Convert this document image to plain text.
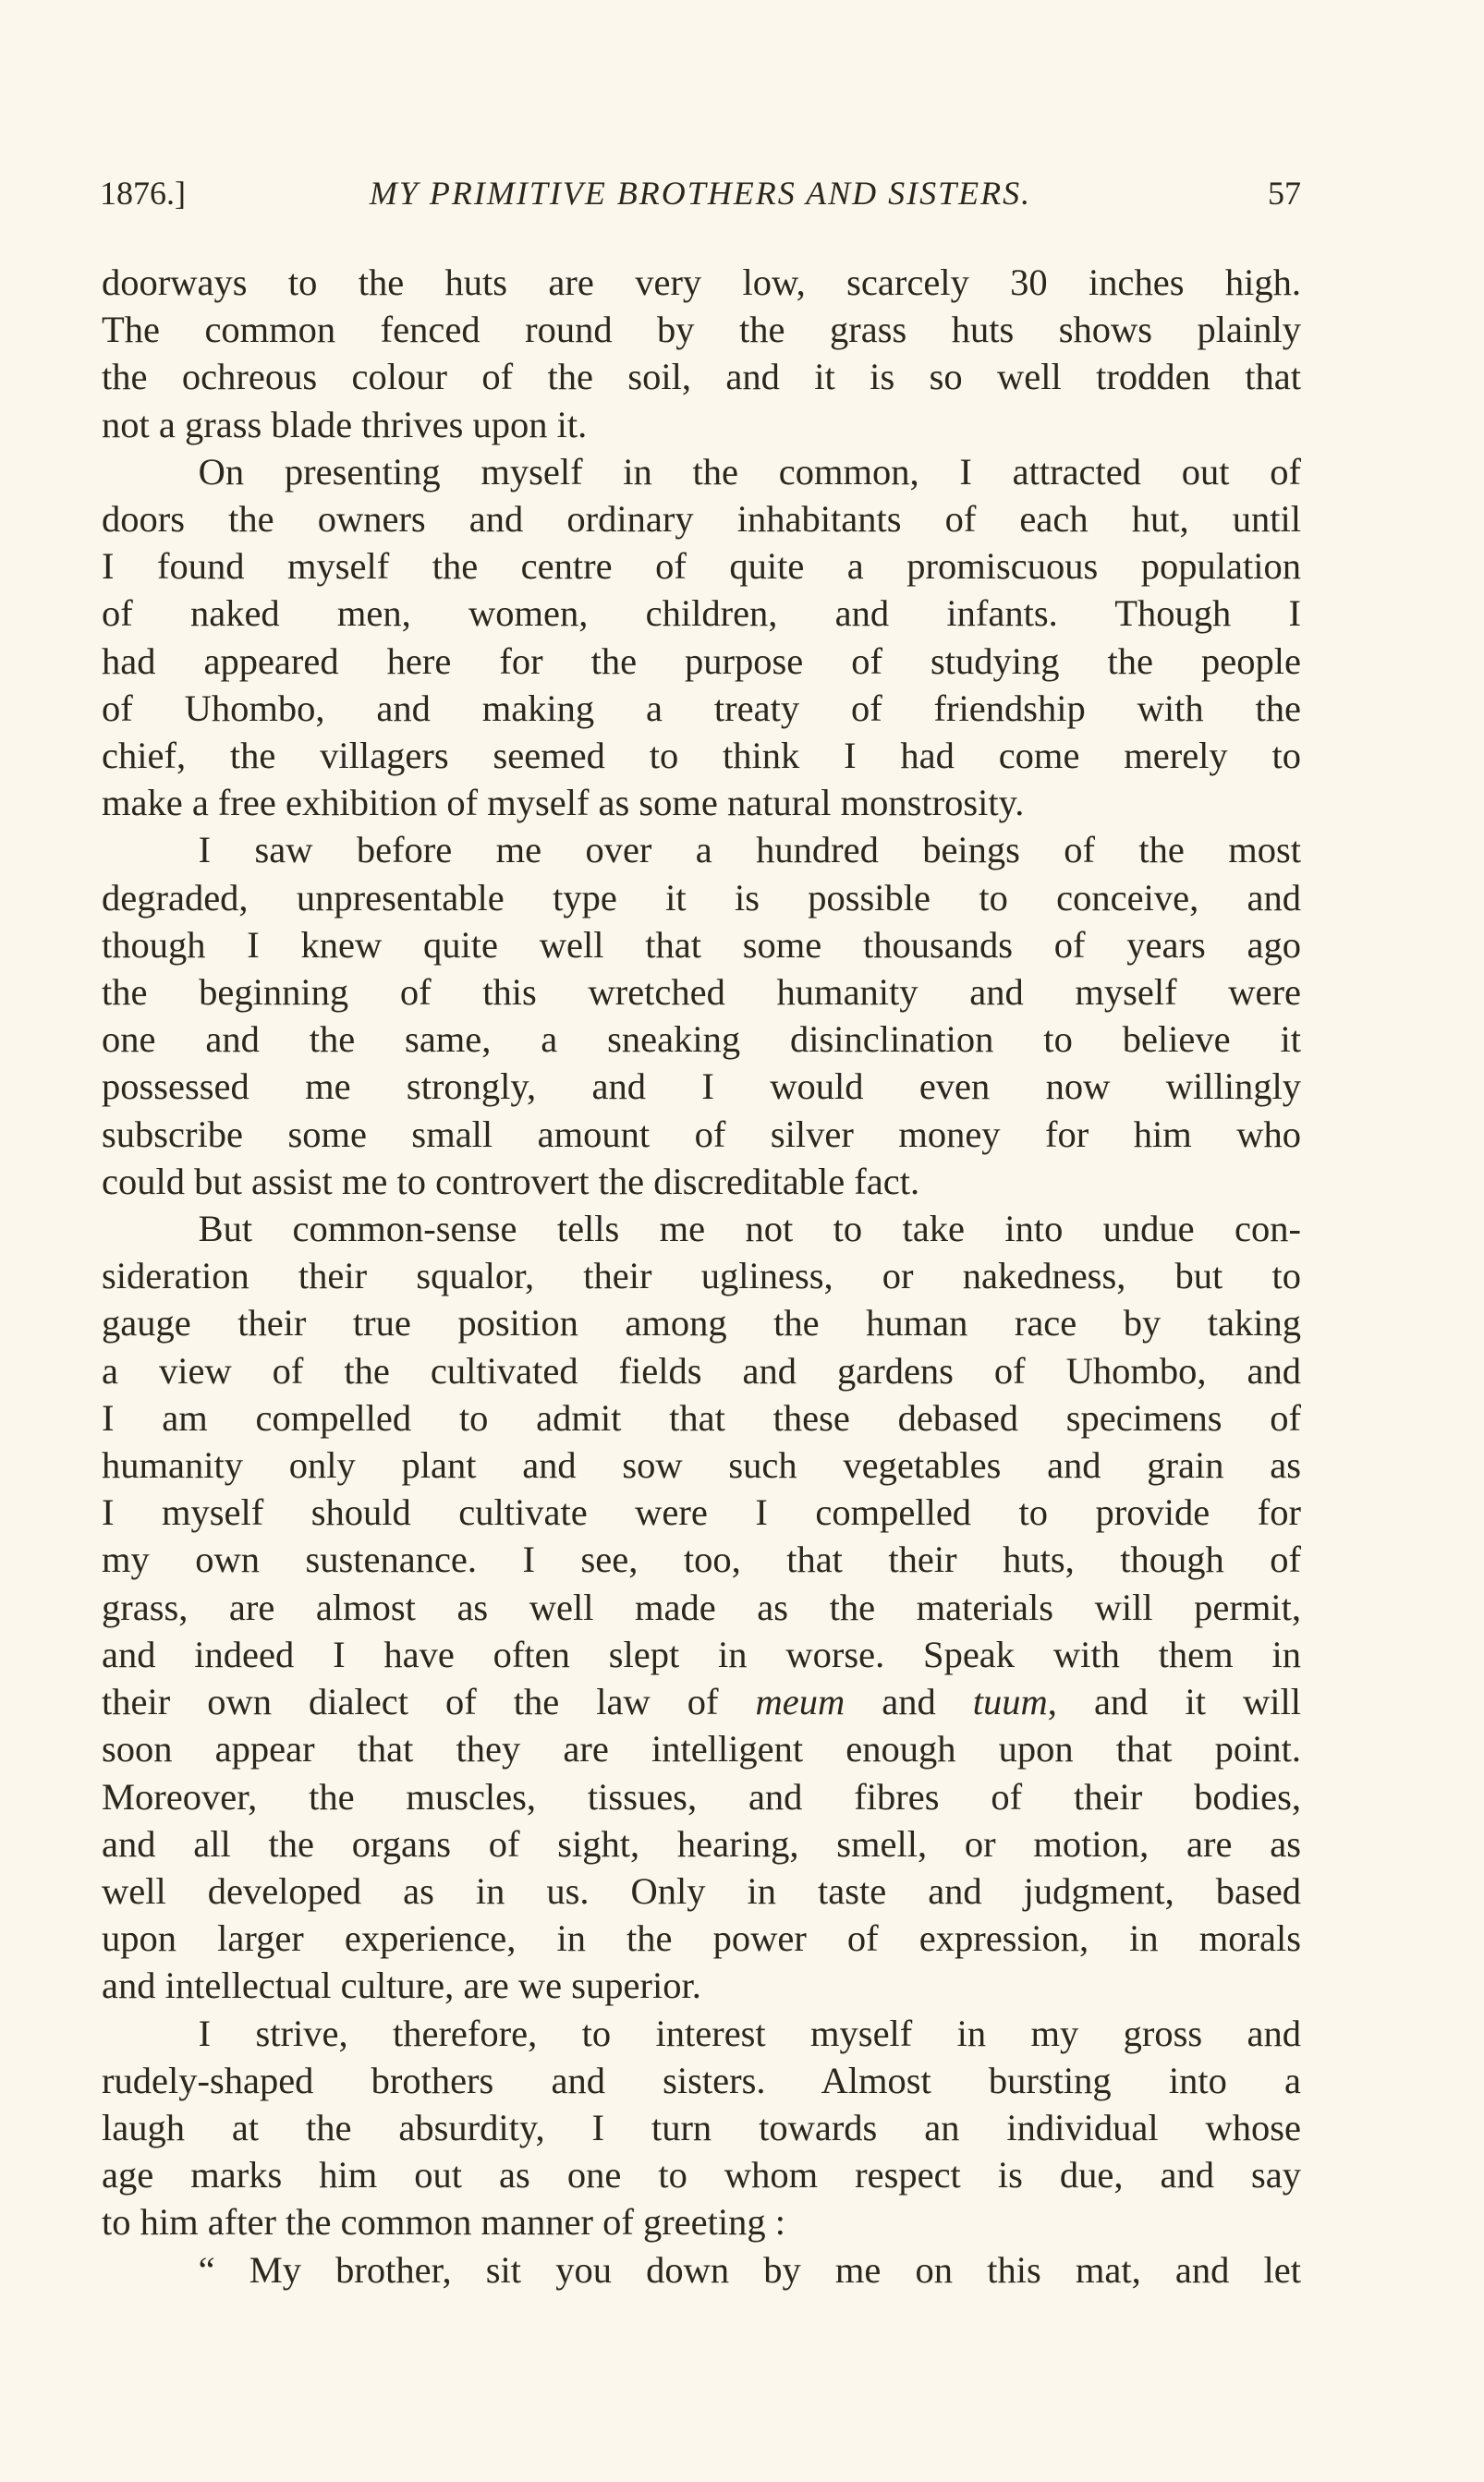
1876.]	MY PRIMITIVE BROTHERS AND SISTERS.	57
doorways to the huts are very low, scarcely 30 inches high.
The common fenced round by the grass huts shows plainly
the ochreous colour of the soil, and it is so well trodden that
not a grass blade thrives upon it.
On presenting myself in the common, I attracted out of
doors the owners and ordinary inhabitants of each hut, until
I found myself the centre of quite a promiscuous population
of naked men, women, children, and infants. Though I
had appeared here for the purpose of studying the people
of Uhombo, and making a treaty of friendship with the
chief, the villagers seemed to think I had come merely to
make a free exhibition of myself as some natural monstrosity.
I saw before me over a hundred beings of the most
degraded, unpresentable type it is possible to conceive, and
though I knew quite well that some thousands of years ago
the beginning of this wretched humanity and myself were
one and the same, a sneaking disinclination to believe it
possessed me strongly, and I would even now willingly
subscribe some small amount of silver money for him who
could but assist me to controvert the discreditable fact.
But common-sense tells me not to take into undue con-
sideration their squalor, their ugliness, or nakedness, but to
gauge their true position among the human race by taking
a view of the cultivated fields and gardens of Uhombo, and
I am compelled to admit that these debased specimens of
humanity only plant and sow such vegetables and grain as
I myself should cultivate were I compelled to provide for
my own sustenance. I see, too, that their huts, though of
grass, are almost as well made as the materials will permit,
and indeed I have often slept in worse. Speak with them in
their own dialect of the law of meum and tuum, and it will
soon appear that they are intelligent enough upon that point.
Moreover, the muscles, tissues, and fibres of their bodies,
and all the organs of sight, hearing, smell, or motion, are as
well developed as in us. Only in taste and judgment, based
upon larger experience, in the power of expression, in morals
and intellectual culture, are we superior.
I strive, therefore, to interest myself in my gross and
rudely-shaped brothers and sisters. Almost bursting into a
laugh at the absurdity, I turn towards an individual whose
age marks him out as one to whom respect is due, and say
to him after the common manner of greeting :
“ My brother, sit you down by me on this mat, and let
